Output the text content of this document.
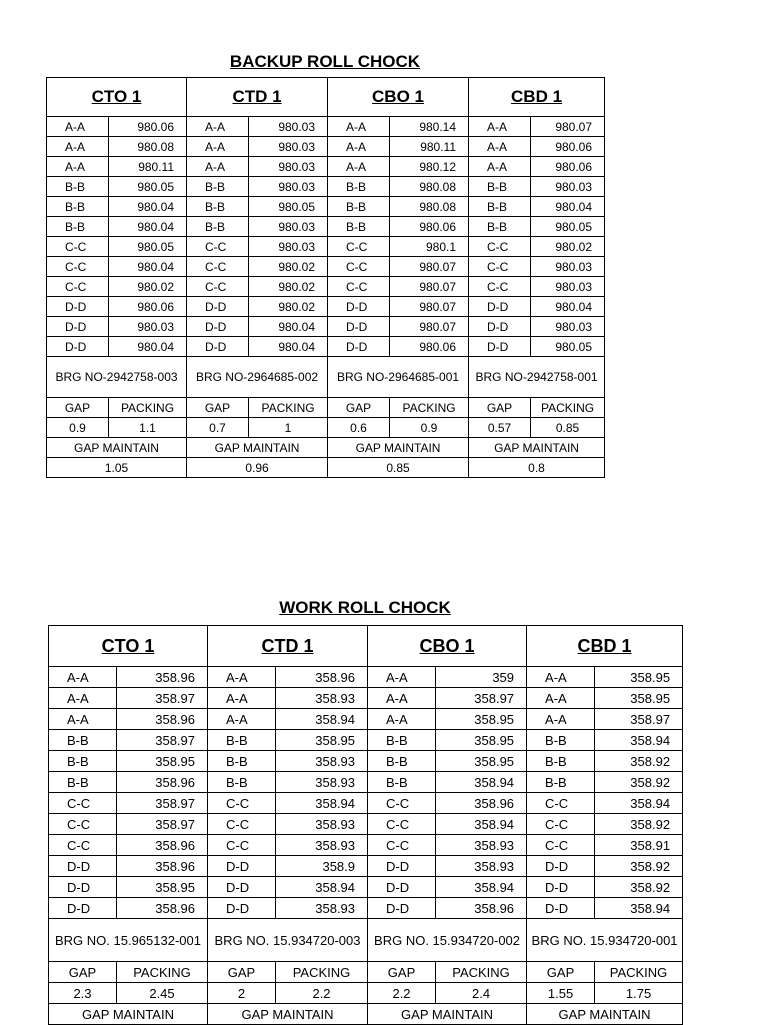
BACKUP ROLL CHOCK
CTO 1		CTD 1		CBO 1		CBD 1	
A-A	980.06	A-A	980.03	A-A	980.14	A-A	980.07
A-A	980.08	A-A	980.03	A-A	980.11	A-A	980.06
A-A	980.11	A-A	980.03	A-A	980.12	A-A	980.06
B-B	980.05	B-B	980.03	B-B	980.08	B-B	980.03
B-B	980.04	B-B	980.05	B-B	980.08	B-B	980.04
B-B	980.04	B-B	980.03	B-B	980.06	B-B	980.05
C-C	980.05	C-C	980.03	C-C	980.1	C-C	980.02
C-C	980.04	C-C	980.02	C-C	980.07	C-C	980.03
C-C	980.02	C-C	980.02	C-C	980.07	C-C	980.03
D-D	980.06	D-D	980.02	D-D	980.07	D-D	980.04
D-D	980.03	D-D	980.04	D-D	980.07	D-D	980.03
D-D	980.04	D-D	980.04	D-D	980.06	D-D	980.05
BRG NO-2942758-003		BRG NO-2964685-002		BRG NO-2964685-001		BRG NO-2942758-001	
GAP	PACKING	GAP	PACKING	GAP	PACKING	GAP	PACKING
0.9	1.1	0.7	1	0.6	0.9	0.57	0.85
GAP MAINTAIN		GAP MAINTAIN		GAP MAINTAIN		GAP MAINTAIN	
1.05		0.96		0.85		0.8	
WORK ROLL CHOCK
CTO 1		CTD 1		CBO 1		CBD 1	
A-A	358.96	A-A	358.96	A-A	359	A-A	358.95
A-A	358.97	A-A	358.93	A-A	358.97	A-A	358.95
A-A	358.96	A-A	358.94	A-A	358.95	A-A	358.97
B-B	358.97	B-B	358.95	B-B	358.95	B-B	358.94
B-B	358.95	B-B	358.93	B-B	358.95	B-B	358.92
B-B	358.96	B-B	358.93	B-B	358.94	B-B	358.92
C-C	358.97	C-C	358.94	C-C	358.96	C-C	358.94
C-C	358.97	C-C	358.93	C-C	358.94	C-C	358.92
C-C	358.96	C-C	358.93	C-C	358.93	C-C	358.91
D-D	358.96	D-D	358.9	D-D	358.93	D-D	358.92
D-D	358.95	D-D	358.94	D-D	358.94	D-D	358.92
D-D	358.96	D-D	358.93	D-D	358.96	D-D	358.94
BRG NO. 15.965132-001		BRG NO. 15.934720-003		BRG NO. 15.934720-002		BRG NO. 15.934720-001	
GAP	PACKING	GAP	PACKING	GAP	PACKING	GAP	PACKING
2.3	2.45	2	2.2	2.2	2.4	1.55	1.75
GAP MAINTAIN		GAP MAINTAIN		GAP MAINTAIN		GAP MAINTAIN	
